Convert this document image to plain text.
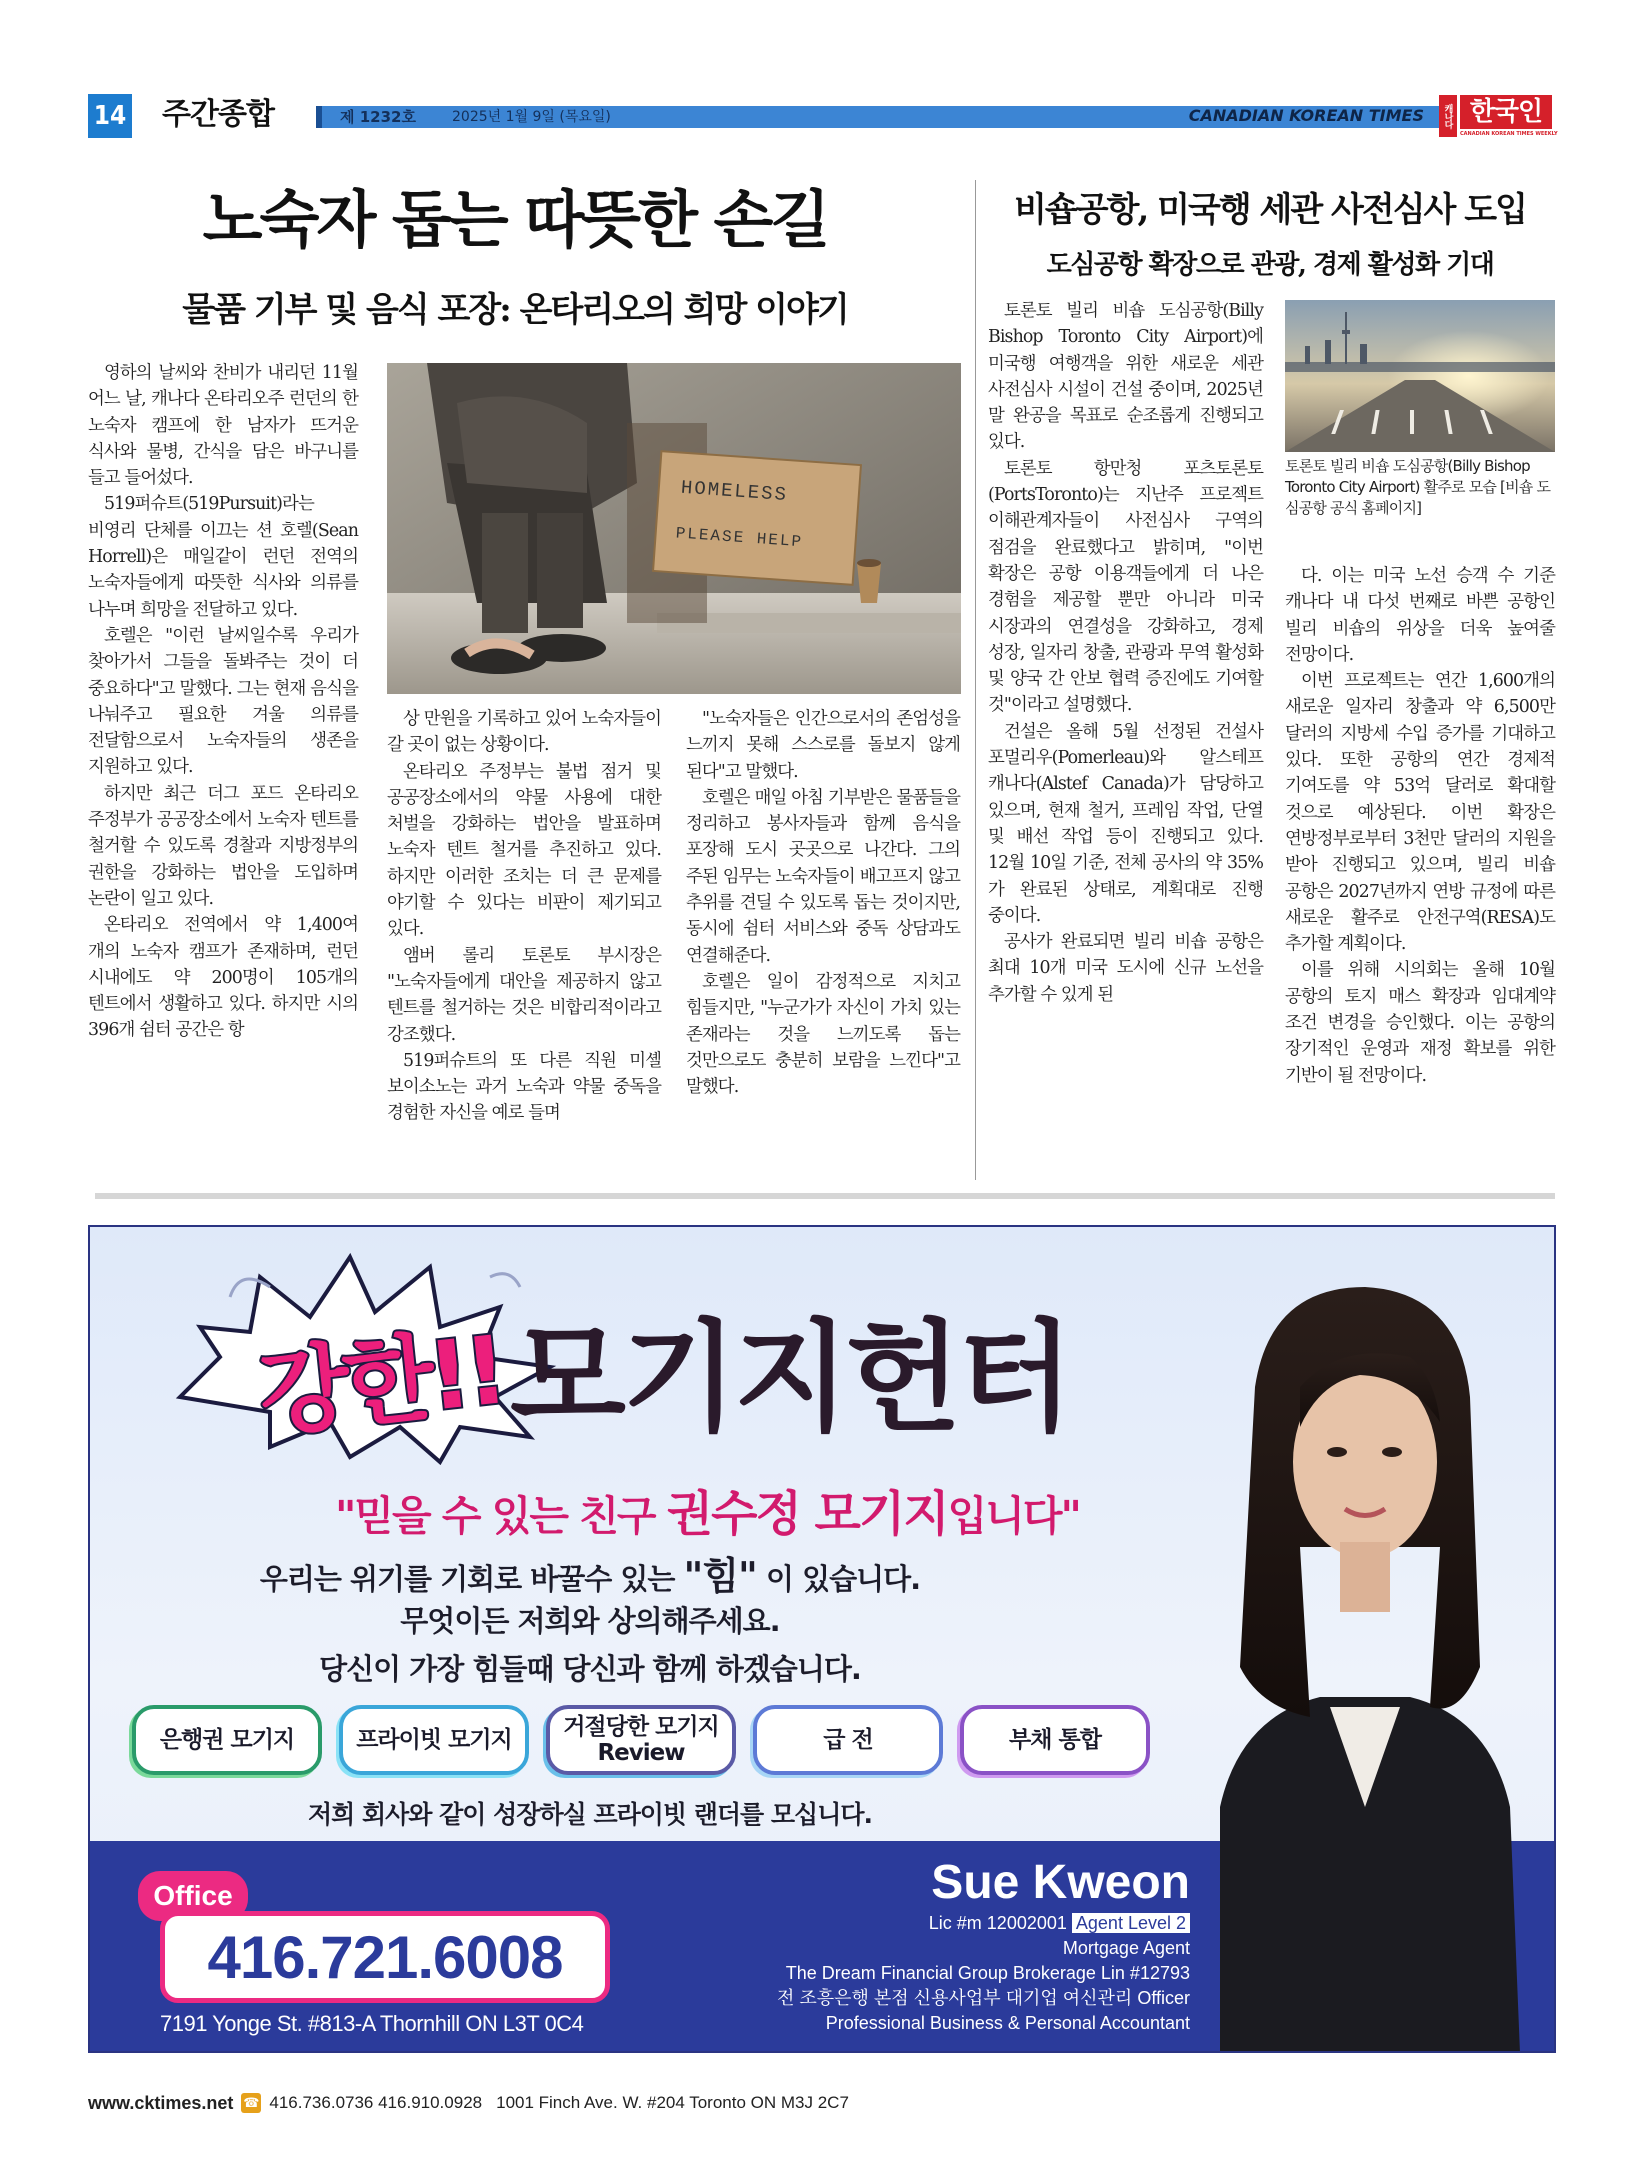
14 주간종합	제 1232호	2025년 1월 9일 (목요일)	CANADIAN KOREAN TIMES	캐나다 한국인
CANADIAN KOREAN TIMES WEEKLY
노숙자 돕는 따뜻한 손길
물품 기부 및 음식 포장: 온타리오의 희망 이야기

영하의 날씨와 찬비가 내리던 11월 어느 날, 캐나다 온타리오주 런던의 한 노숙자 캠프에 한 남자가 뜨거운 식사와 물병, 간식을 담은 바구니를 들고 들어섰다.

519퍼슈트(519Pursuit)라는 비영리 단체를 이끄는 션 호렐(Sean Horrell)은 매일같이 런던 전역의 노숙자들에게 따뜻한 식사와 의류를 나누며 희망을 전달하고 있다.

호렐은 "이런 날씨일수록 우리가 찾아가서 그들을 돌봐주는 것이 더 중요하다"고 말했다. 그는 현재 음식을 나눠주고 필요한 겨울 의류를 전달함으로서 노숙자들의 생존을 지원하고 있다.

하지만 최근 더그 포드 온타리오 주정부가 공공장소에서 노숙자 텐트를 철거할 수 있도록 경찰과 지방정부의 권한을 강화하는 법안을 도입하며 논란이 일고 있다.

온타리오 전역에서 약 1,400여 개의 노숙자 캠프가 존재하며, 런던 시내에도 약 200명이 105개의 텐트에서 생활하고 있다. 하지만 시의 396개 쉼터 공간은 항

HOMELESS
PLEASE HELP

상 만원을 기록하고 있어 노숙자들이 갈 곳이 없는 상황이다.

온타리오 주정부는 불법 점거 및 공공장소에서의 약물 사용에 대한 처벌을 강화하는 법안을 발표하며 노숙자 텐트 철거를 추진하고 있다. 하지만 이러한 조치는 더 큰 문제를 야기할 수 있다는 비판이 제기되고 있다.

앰버 롤리 토론토 부시장은 "노숙자들에게 대안을 제공하지 않고 텐트를 철거하는 것은 비합리적이라고 강조했다.

519퍼슈트의 또 다른 직원 미셸 보이소노는 과거 노숙과 약물 중독을 경험한 자신을 예로 들며

"노숙자들은 인간으로서의 존엄성을 느끼지 못해 스스로를 돌보지 않게 된다"고 말했다.

호렐은 매일 아침 기부받은 물품들을 정리하고 봉사자들과 함께 음식을 포장해 도시 곳곳으로 나간다. 그의 주된 임무는 노숙자들이 배고프지 않고 추위를 견딜 수 있도록 돕는 것이지만, 동시에 쉼터 서비스와 중독 상담과도 연결해준다.

호렐은 일이 감정적으로 지치고 힘들지만, "누군가가 자신이 가치 있는 존재라는 것을 느끼도록 돕는 것만으로도 충분히 보람을 느낀다"고 말했다.

비숍공항, 미국행 세관 사전심사 도입
도심공항 확장으로 관광, 경제 활성화 기대

토론토 빌리 비숍 도심공항(Billy Bishop Toronto City Airport)에 미국행 여행객을 위한 새로운 세관 사전심사 시설이 건설 중이며, 2025년 말 완공을 목표로 순조롭게 진행되고 있다.

토론토 항만청 포츠토론토(PortsToronto)는 지난주 프로젝트 이해관계자들이 사전심사 구역의 점검을 완료했다고 밝히며, "이번 확장은 공항 이용객들에게 더 나은 경험을 제공할 뿐만 아니라 미국 시장과의 연결성을 강화하고, 경제 성장, 일자리 창출, 관광과 무역 활성화 및 양국 간 안보 협력 증진에도 기여할 것"이라고 설명했다.

건설은 올해 5월 선정된 건설사 포멀리우(Pomerleau)와 알스테프 캐나다(Alstef Canada)가 담당하고 있으며, 현재 철거, 프레임 작업, 단열 및 배선 작업 등이 진행되고 있다. 12월 10일 기준, 전체 공사의 약 35%가 완료된 상태로, 계획대로 진행 중이다.

공사가 완료되면 빌리 비숍 공항은 최대 10개 미국 도시에 신규 노선을 추가할 수 있게 된

토론토 빌리 비숍 도심공항(Billy Bishop Toronto City Airport) 활주로 모습 [비숍 도심공항 공식 홈페이지]

다. 이는 미국 노선 승객 수 기준 캐나다 내 다섯 번째로 바쁜 공항인 빌리 비숍의 위상을 더욱 높여줄 전망이다.

이번 프로젝트는 연간 1,600개의 새로운 일자리 창출과 약 6,500만 달러의 지방세 수입 증가를 기대하고 있다. 또한 공항의 연간 경제적 기여도를 약 53억 달러로 확대할 것으로 예상된다. 이번 확장은 연방정부로부터 3천만 달러의 지원을 받아 진행되고 있으며, 빌리 비숍 공항은 2027년까지 연방 규정에 따른 새로운 활주로 안전구역(RESA)도 추가할 계획이다.

이를 위해 시의회는 올해 10월 공항의 토지 매스 확장과 임대계약 조건 변경을 승인했다. 이는 공항의 장기적인 운영과 재정 확보를 위한 기반이 될 전망이다.

강한!! 모기지헌터
"믿을 수 있는 친구 권수정 모기지입니다"
우리는 위기를 기회로 바꿀수 있는 "힘" 이 있습니다.
무엇이든 저희와 상의해주세요.
당신이 가장 힘들때 당신과 함께 하겠습니다.
은행권 모기지	프라이빗 모기지	거절당한 모기지
Review	급 전	부채 통합
저희 회사와 같이 성장하실 프라이빗 랜더를 모십니다.
Office
416.721.6008
7191 Yonge St. #813-A Thornhill ON L3T 0C4
Sue Kweon
Lic #m 12002001 Agent Level 2
Mortgage Agent
The Dream Financial Group Brokerage Lin #12793
전 조흥은행 본점 신용사업부 대기업 여신관리 Officer
Professional Business & Personal Accountant
www.cktimes.net ☎ 416.736.0736 416.910.0928 1001 Finch Ave. W. #204 Toronto ON M3J 2C7
